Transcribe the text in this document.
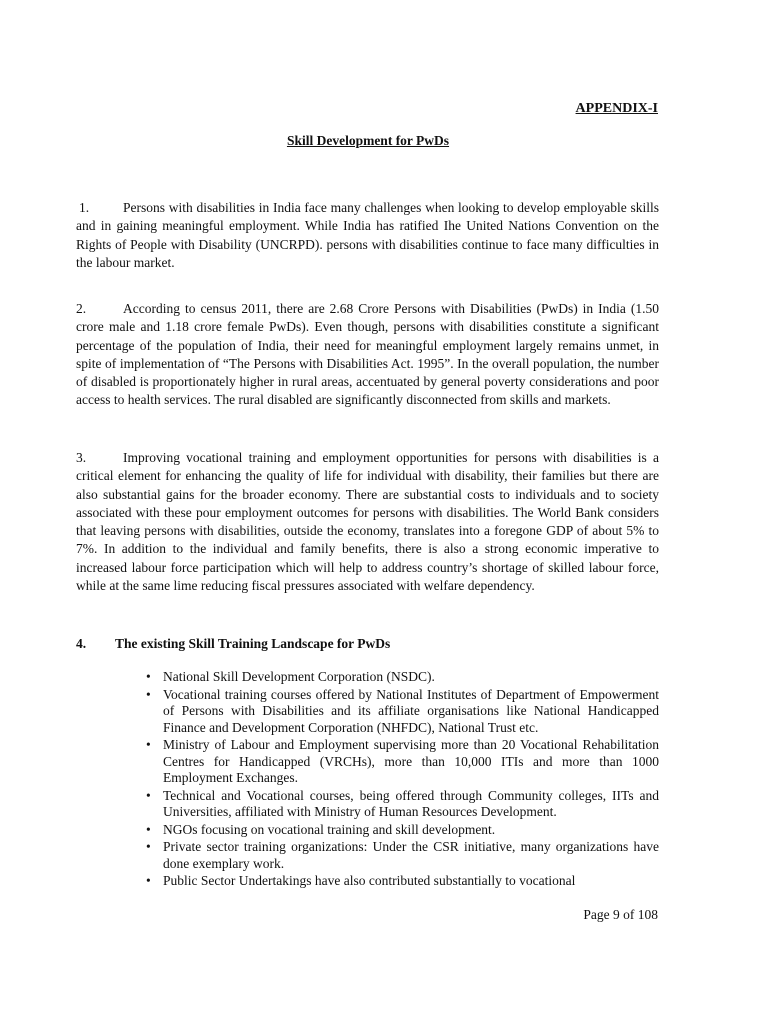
APPENDIX-I
Skill Development for PwDs

1.	Persons with disabilities in India face many challenges when looking to develop employable skills and in gaining meaningful employment. While India has ratified Ihe United Nations Convention on the Rights of People with Disability (UNCRPD). persons with disabilities continue to face many difficulties in the labour market.

2.	According to census 2011, there are 2.68 Crore Persons with Disabilities (PwDs) in India (1.50 crore male and 1.18 crore female PwDs). Even though, persons with disabilities constitute a significant percentage of the population of India, their need for meaningful employment largely remains unmet, in spite of implementation of “The Persons with Disabilities Act. 1995”. In the overall population, the number of disabled is proportionately higher in rural areas, accentuated by general poverty considerations and poor access to health services. The rural disabled are significantly disconnected from skills and markets.

3.	Improving vocational training and employment opportunities for persons with disabilities is a critical element for enhancing the quality of life for individual with disability, their families but there are also substantial gains for the broader economy. There are substantial costs to individuals and to society associated with these pour employment outcomes for persons with disabilities. The World Bank considers that leaving persons with disabilities, outside the economy, translates into a foregone GDP of about 5% to 7%. In addition to the individual and family benefits, there is also a strong economic imperative to increased labour force participation which will help to address country’s shortage of skilled labour force, while at the same lime reducing fiscal pressures associated with welfare dependency.

4. The existing Skill Training Landscape for PwDs
• National Skill Development Corporation (NSDC).
• Vocational training courses offered by National Institutes of Department of Empowerment of Persons with Disabilities and its affiliate organisations like National Handicapped Finance and Development Corporation (NHFDC), National Trust etc.
• Ministry of Labour and Employment supervising more than 20 Vocational Rehabilitation Centres for Handicapped (VRCHs), more than 10,000 ITIs and more than 1000 Employment Exchanges.
• Technical and Vocational courses, being offered through Community colleges, IITs and Universities, affiliated with Ministry of Human Resources Development.
• NGOs focusing on vocational training and skill development.
• Private sector training organizations: Under the CSR initiative, many organizations have done exemplary work.
• Public Sector Undertakings have also contributed substantially to vocational
Page 9 of 108
